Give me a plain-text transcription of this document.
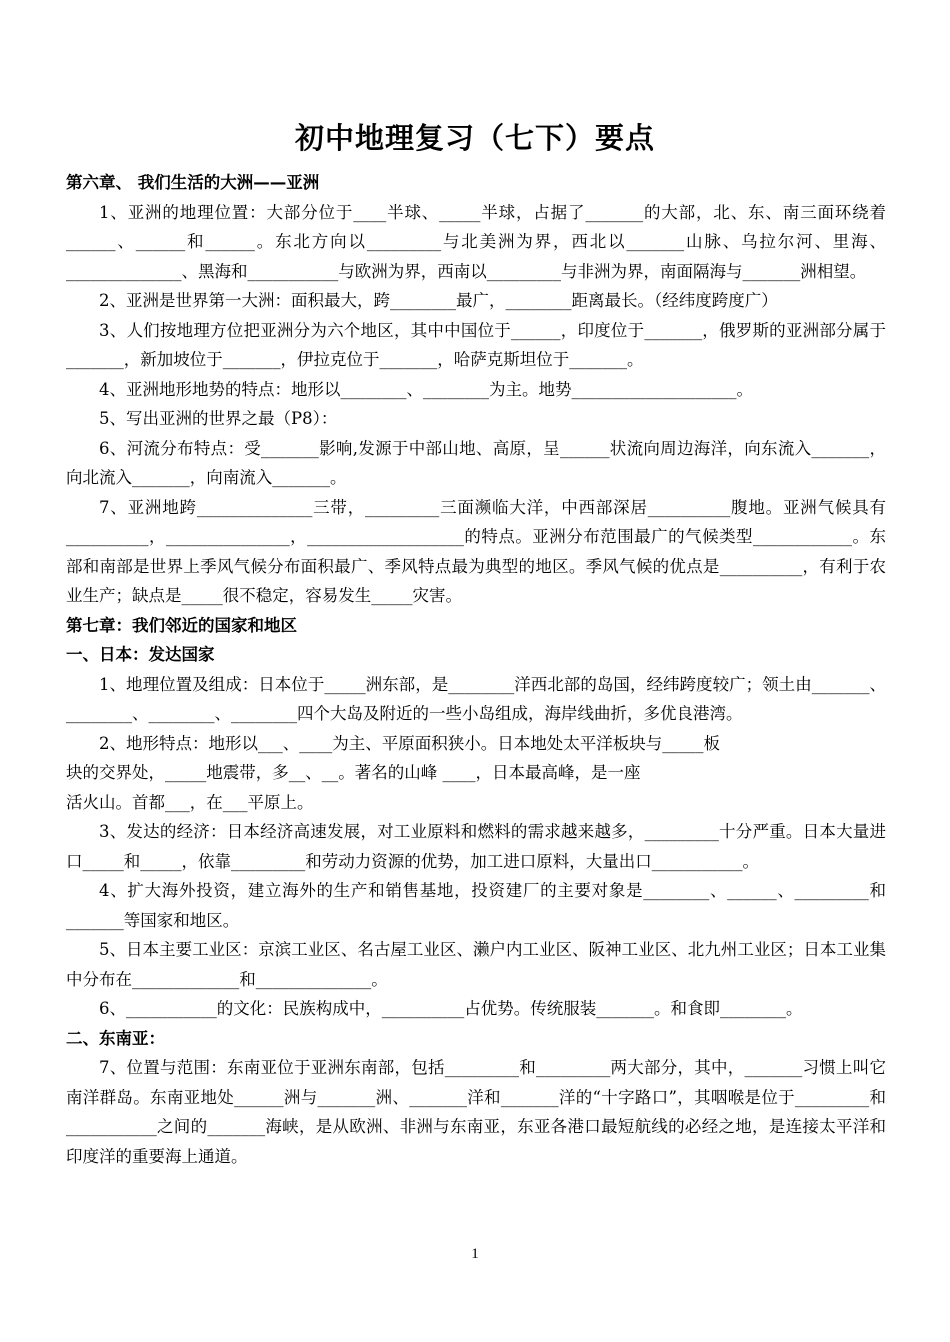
初中地理复习（七下）要点

第六章、 我们生活的大洲——亚洲

1、亚洲的地理位置：大部分位于____半球、_____半球，占据了_______的大部，北、东、南三面环绕着______、______和______。东北方向以_________与北美洲为界，西北以_______山脉、乌拉尔河、里海、______________、黑海和___________与欧洲为界，西南以_________与非洲为界，南面隔海与_______洲相望。

2、亚洲是世界第一大洲：面积最大，跨________最广，________距离最长。（经纬度跨度广）

3、人们按地理方位把亚洲分为六个地区，其中中国位于______，印度位于_______，俄罗斯的亚洲部分属于_______，新加坡位于_______，伊拉克位于_______，哈萨克斯坦位于_______。

4、亚洲地形地势的特点：地形以________、________为主。地势____________________。

5、写出亚洲的世界之最（P8）：

6、河流分布特点：受_______影响,发源于中部山地、高原，呈______状流向周边海洋，向东流入_______，向北流入_______，向南流入_______。

7、亚洲地跨______________三带，_________三面濒临大洋，中西部深居__________腹地。亚洲气候具有__________，_______________，___________________的特点。亚洲分布范围最广的气候类型____________。东部和南部是世界上季风气候分布面积最广、季风特点最为典型的地区。季风气候的优点是__________，有利于农业生产；缺点是_____很不稳定，容易发生_____灾害。

第七章：我们邻近的国家和地区

一、日本：发达国家

1、地理位置及组成：日本位于_____洲东部，是________洋西北部的岛国，经纬跨度较广；领土由_______、________、________、________四个大岛及附近的一些小岛组成，海岸线曲折，多优良港湾。

2、地形特点：地形以___、____为主、平原面积狭小。日本地处太平洋板块与_____板

块的交界处，_____地震带，多__、__。著名的山峰 ____，日本最高峰，是一座

活火山。首都___，在___平原上。

3、发达的经济：日本经济高速发展，对工业原料和燃料的需求越来越多，_________十分严重。日本大量进口_____和_____，依靠_________和劳动力资源的优势，加工进口原料，大量出口___________。

4、扩大海外投资，建立海外的生产和销售基地，投资建厂的主要对象是________、______、_________和_______等国家和地区。

5、日本主要工业区：京滨工业区、名古屋工业区、濑户内工业区、阪神工业区、北九州工业区；日本工业集中分布在_____________和______________。

6、___________的文化：民族构成中，__________占优势。传统服装_______。和食即________。

二、东南亚：

7、位置与范围：东南亚位于亚洲东南部，包括_________和_________两大部分，其中，_______习惯上叫它南洋群岛。东南亚地处______洲与_______洲、_______洋和_______洋的“十字路口”，其咽喉是位于_________和___________之间的_______海峡，是从欧洲、非洲与东南亚，东亚各港口最短航线的必经之地，是连接太平洋和印度洋的重要海上通道。

1
